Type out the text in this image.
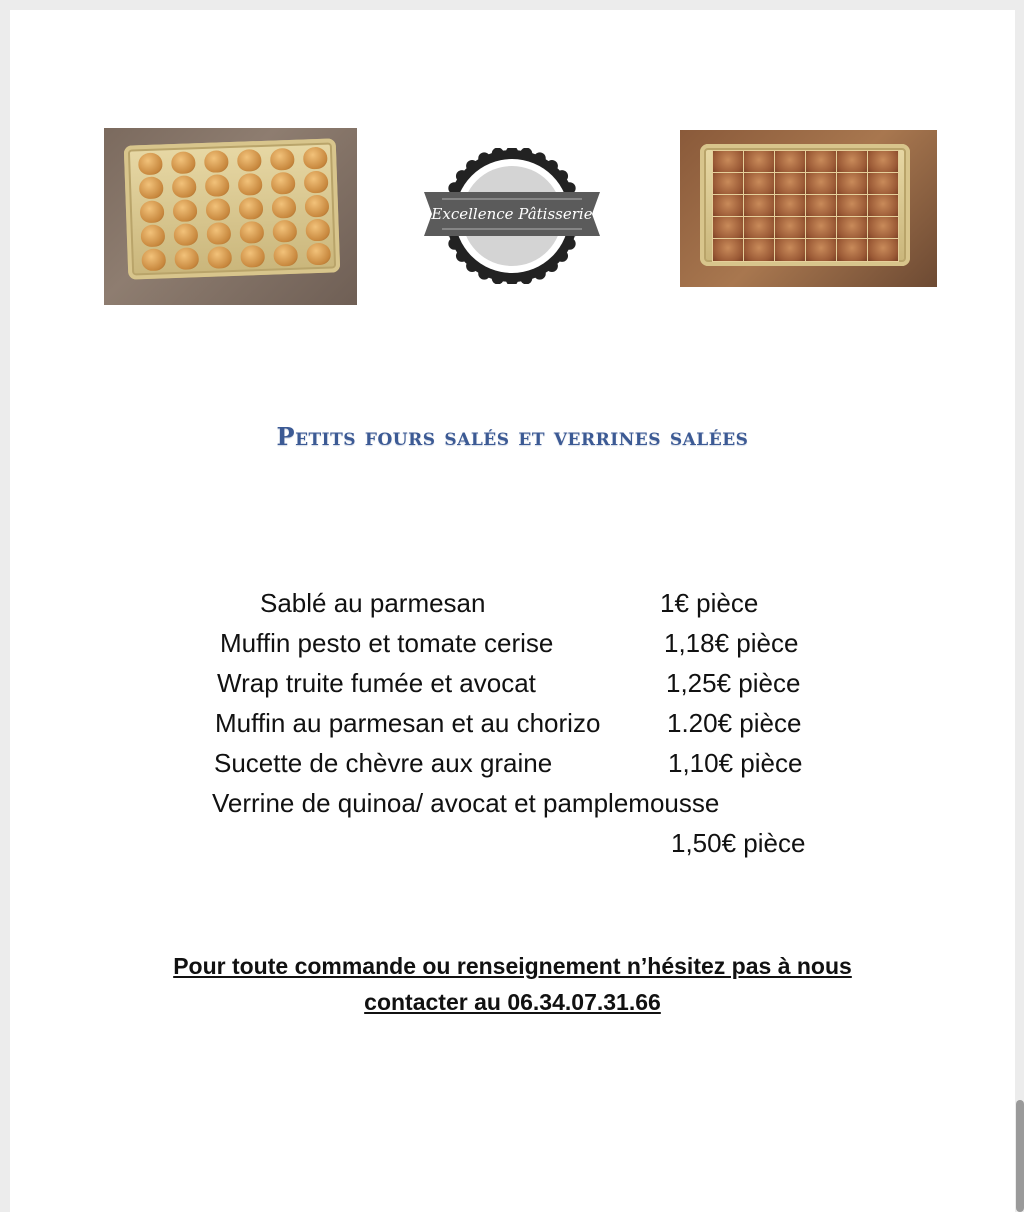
Excellence Pâtisserie
Petits fours salés et verrines salées
Sablé au parmesan	1€ pièce
Muffin pesto et tomate cerise	1,18€ pièce
Wrap truite fumée et avocat	1,25€ pièce
Muffin au parmesan et au chorizo	1.20€ pièce
Sucette de chèvre aux graine	1,10€ pièce
Verrine de quinoa/ avocat et pamplemousse
1,50€ pièce
Pour toute commande ou renseignement n’hésitez pas à nous
contacter au 06.34.07.31.66
